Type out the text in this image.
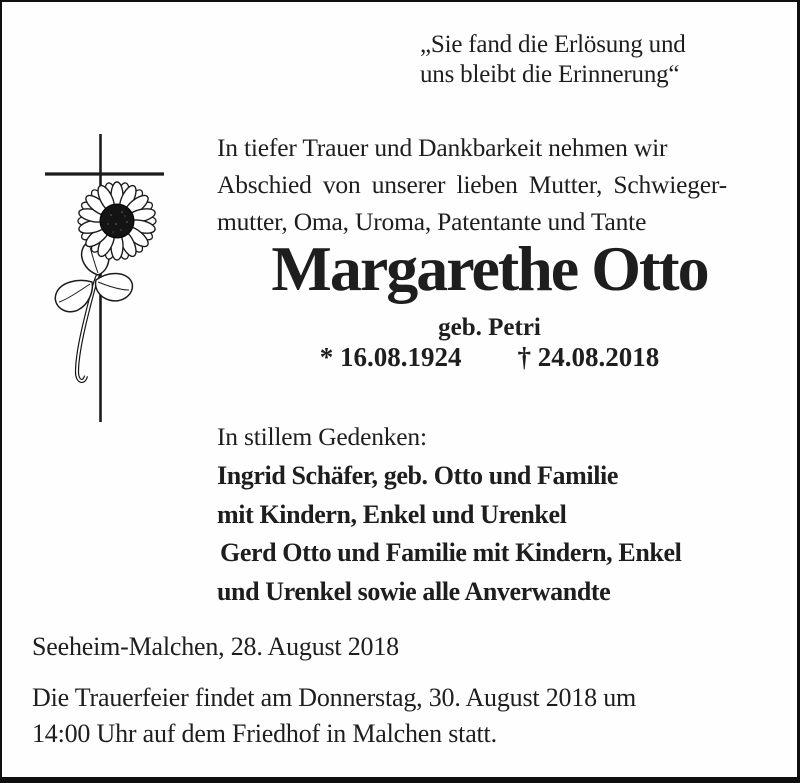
„Sie fand die Erlösung und
uns bleibt die Erinnerung“
In tiefer Trauer und Dankbarkeit nehmen wir
Abschied von unserer lieben Mutter, Schwieger-
mutter, Oma, Uroma, Patentante und Tante
Margarethe Otto
geb. Petri
* 16.08.1924 † 24.08.2018
In stillem Gedenken:
Ingrid Schäfer, geb. Otto und Familie
mit Kindern, Enkel und Urenkel
Gerd Otto und Familie mit Kindern, Enkel
und Urenkel sowie alle Anverwandte
Seeheim-Malchen, 28. August 2018
Die Trauerfeier findet am Donnerstag, 30. August 2018 um
14:00 Uhr auf dem Friedhof in Malchen statt.
